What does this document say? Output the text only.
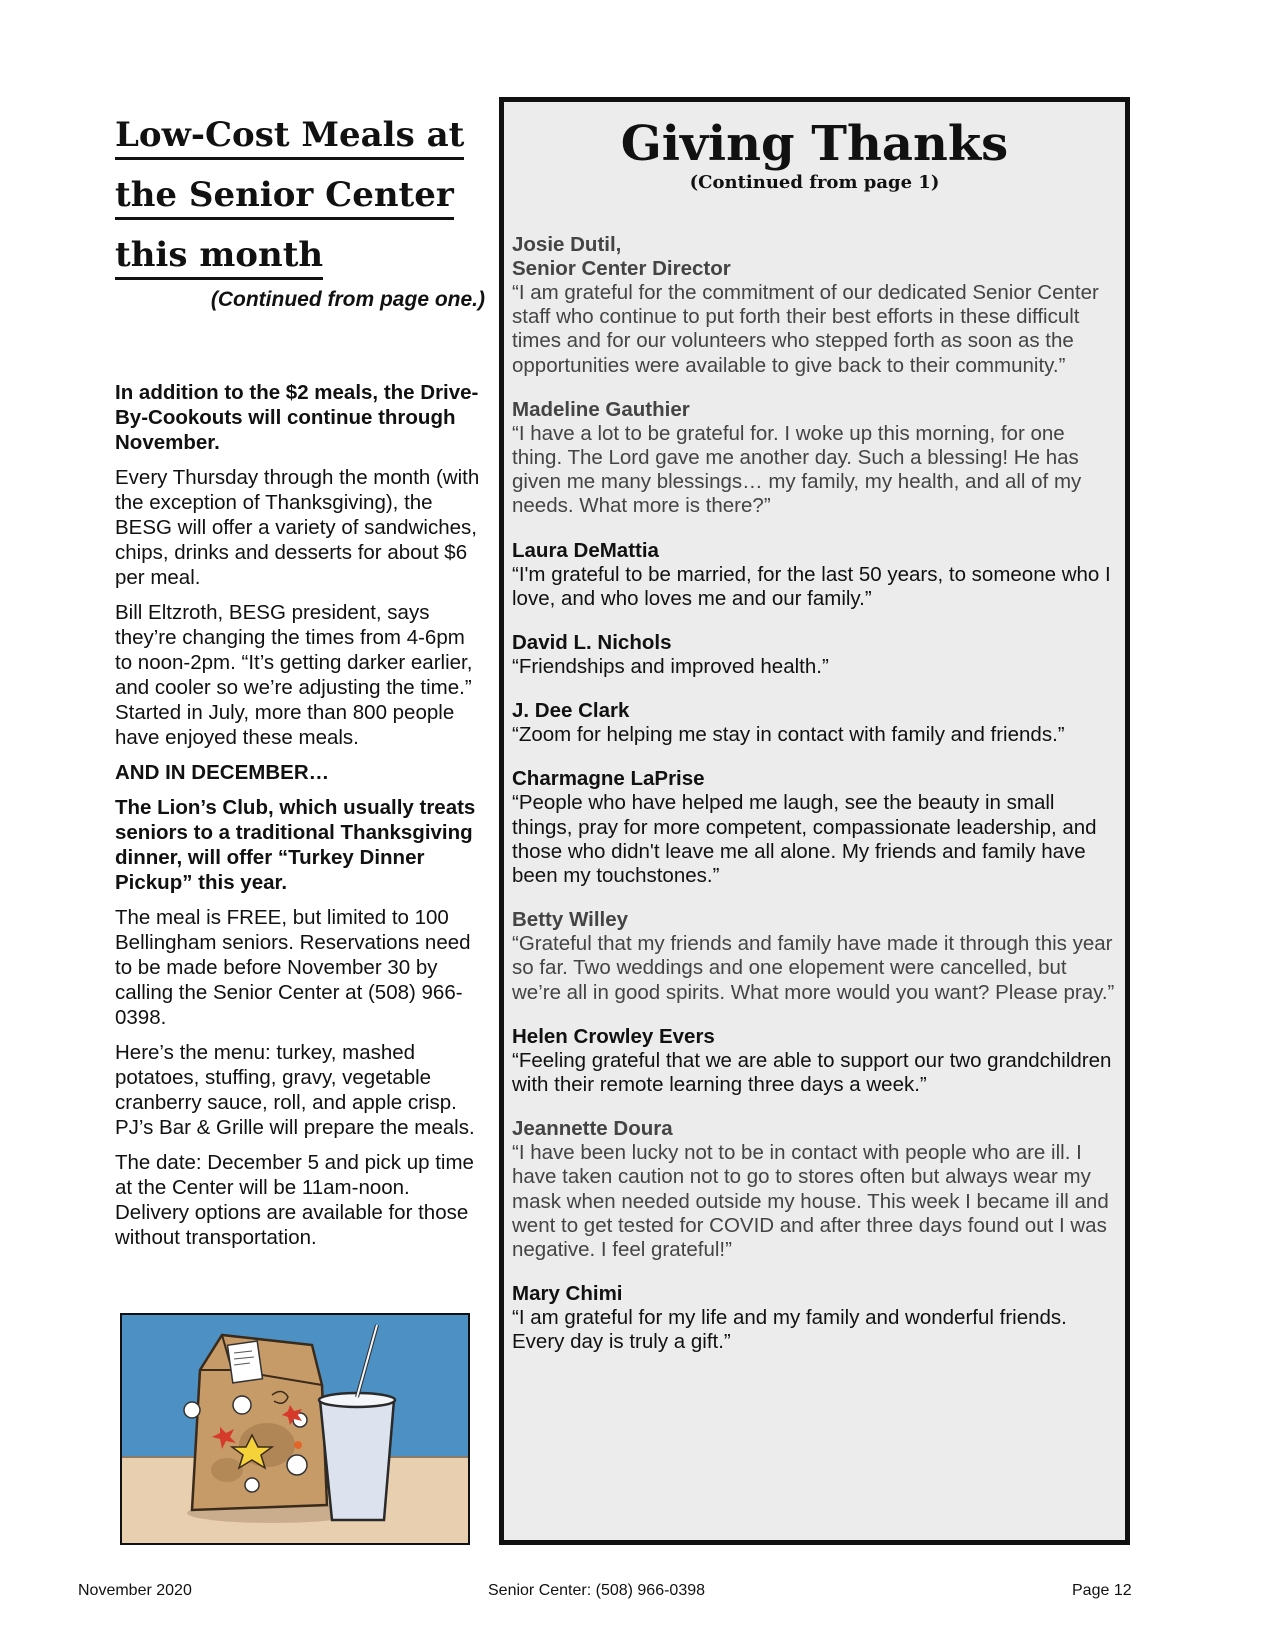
Low-Cost Meals at
the Senior Center
this month

(Continued from page one.)

In addition to the $2 meals, the Drive-By-Cookouts will continue through November.

Every Thursday through the month (with the exception of Thanksgiving), the BESG will offer a variety of sandwiches, chips, drinks and desserts for about $6 per meal.

Bill Eltzroth, BESG president, says they’re changing the times from 4-6pm to noon-2pm. “It’s getting darker earlier, and cooler so we’re adjusting the time.” Started in July, more than 800 people have enjoyed these meals.

AND IN DECEMBER…

The Lion’s Club, which usually treats seniors to a traditional Thanksgiving dinner, will offer “Turkey Dinner Pickup” this year.

The meal is FREE, but limited to 100 Bellingham seniors. Reservations need to be made before November 30 by calling the Senior Center at (508) 966-0398.

Here’s the menu: turkey, mashed potatoes, stuffing, gravy, vegetable cranberry sauce, roll, and apple crisp. PJ’s Bar & Grille will prepare the meals.

The date: December 5 and pick up time at the Center will be 11am-noon. Delivery options are available for those without transportation.

Giving Thanks

(Continued from page 1)

Josie Dutil,
Senior Center Director

“I am grateful for the commitment of our dedicated Senior Center staff who continue to put forth their best efforts in these difficult times and for our volunteers who stepped forth as soon as the opportunities were available to give back to their community.”

Madeline Gauthier

“I have a lot to be grateful for. I woke up this morning, for one thing. The Lord gave me another day. Such a blessing! He has given me many blessings… my family, my health, and all of my needs. What more is there?”

Laura DeMattia

“I'm grateful to be married, for the last 50 years, to someone who I love, and who loves me and our family.”

David L. Nichols

“Friendships and improved health.”

J. Dee Clark

“Zoom for helping me stay in contact with family and friends.”

Charmagne LaPrise

“People who have helped me laugh, see the beauty in small things, pray for more competent, compassionate leadership, and those who didn't leave me all alone. My friends and family have been my touchstones.”

Betty Willey

“Grateful that my friends and family have made it through this year so far. Two weddings and one elopement were cancelled, but we’re all in good spirits. What more would you want? Please pray.”

Helen Crowley Evers

“Feeling grateful that we are able to support our two grandchildren with their remote learning three days a week.”

Jeannette Doura

“I have been lucky not to be in contact with people who are ill. I have taken caution not to go to stores often but always wear my mask when needed outside my house. This week I became ill and went to get tested for COVID and after three days found out I was negative. I feel grateful!”

Mary Chimi

“I am grateful for my life and my family and wonderful friends. Every day is truly a gift.”

November 2020	Senior Center: (508) 966-0398	Page 12
